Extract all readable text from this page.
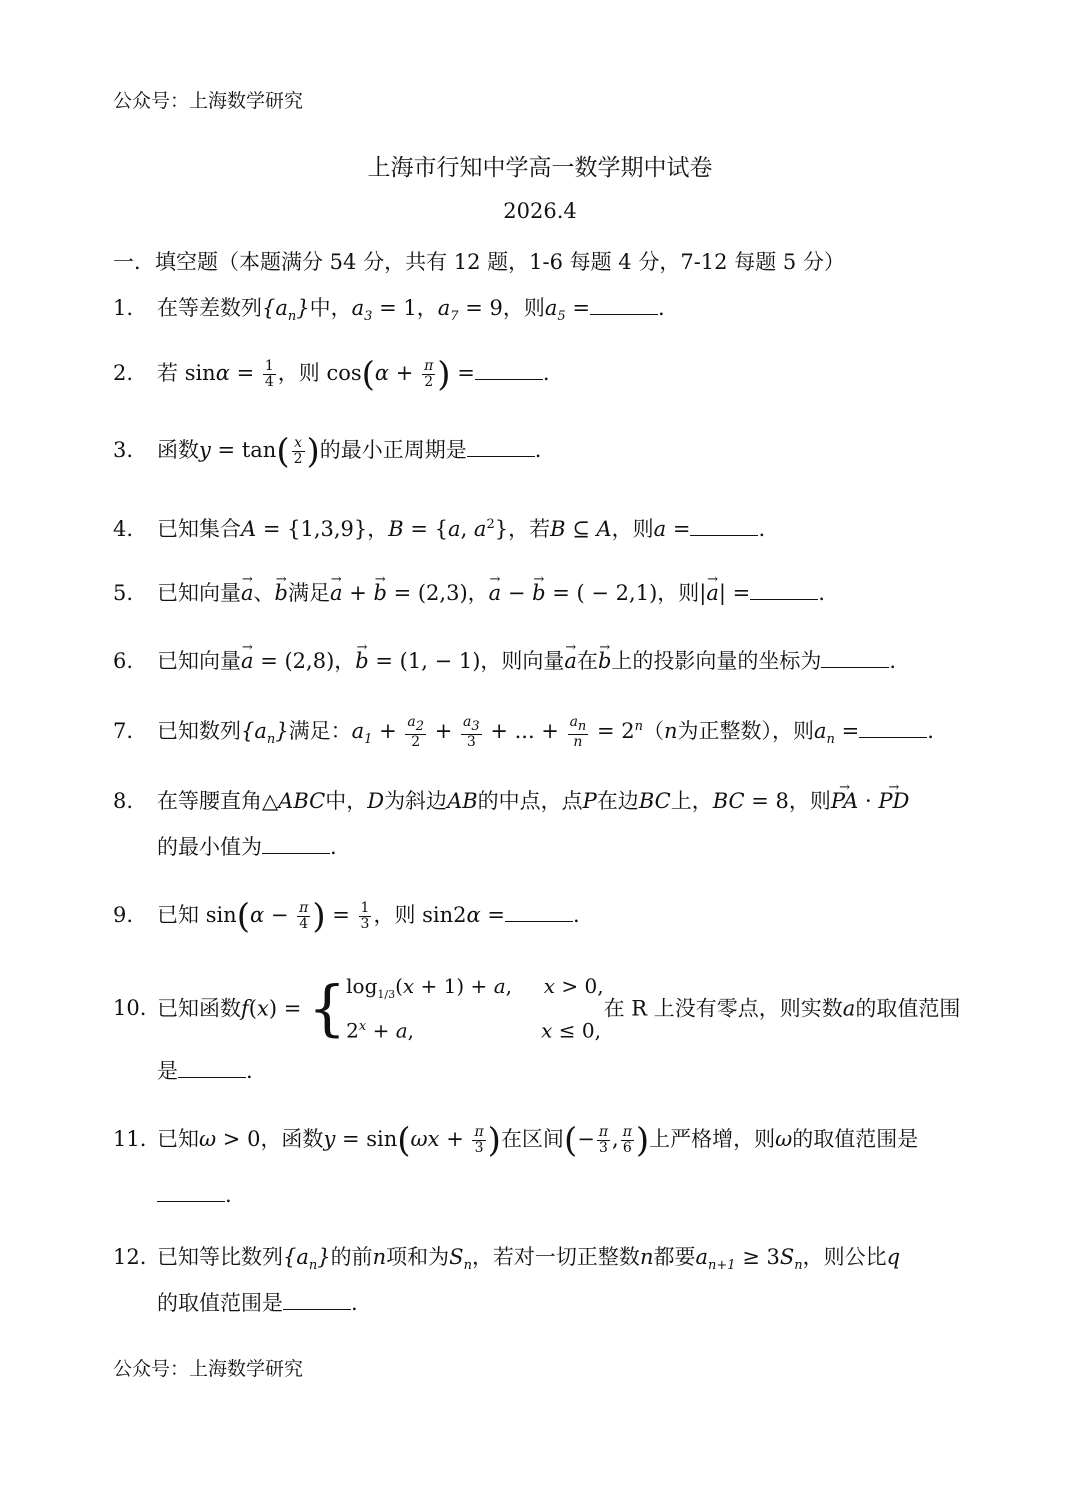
公众号：上海数学研究
上海市行知中学高一数学期中试卷
2026.4
一．填空题（本题满分 54 分，共有 12 题，1-6 每题 4 分，7-12 每题 5 分）
1. 在等差数列$\{a_n\}$中，$a_3 = 1$，$a_7 = 9$，则$a_5$ =	.
2. 若 $\sin\alpha = \frac{1}{4}$ ，则 $\cos(\alpha + \frac{\pi}{2}$ ) =	.
3. 函数$y = \tan( \frac{x}{2}$ )的最小正周期是	.
4. 已知集合A = {1,3,9}，B = {a, $a^2$}，若B ⊆ A，则a =	.
5. 已知向量→ a、→ b满足→ a + → b = (2,3)，→ a − → b = ( − 2,1)，则|→ a| =	.
6. 已知向量→ a = (2,8)，→ b = (1, − 1)，则向量→ a在→ b上的投影向量的坐标为	.
7. 已知数列$\{a_n\}$满足：$a_1 + \frac{a_2}{2} + \frac{a_3}{3}$ + ... + $\frac{a_n}{n} = 2^n(n$为正整数），则$a_n$ =	.
8. 在等腰直角△ABC中，D为斜边AB的中点，点P在边BC上，BC = 8，则→ PA · → PD
的最小值为	.
9. 已知 $\sin(\alpha - \frac{\pi}{4}$ ) = $\frac{1}{3}$ ，则 sin2α =	.
10. 已知函数f(x) = { $\log_{1/3}(x + 1) + a$,     x > 0,
$2^x + a$,                    x ≤ 0,
在 R 上没有零点，则实数a的取值范围
是	.
11. 已知ω > 0，函数$y = \sin(\omega x + \frac{\pi}{3}$ )在区间(− $\frac{\pi}{3}$ , $\frac{\pi}{6}$ )上严格增，则ω的取值范围是
.
12. 已知等比数列$\{a_n\}$的前n项和为$S_n$，若对一切正整数n都要$a_{n+1} \ge 3S_n$，则公比q
的取值范围是	.
公众号：上海数学研究
